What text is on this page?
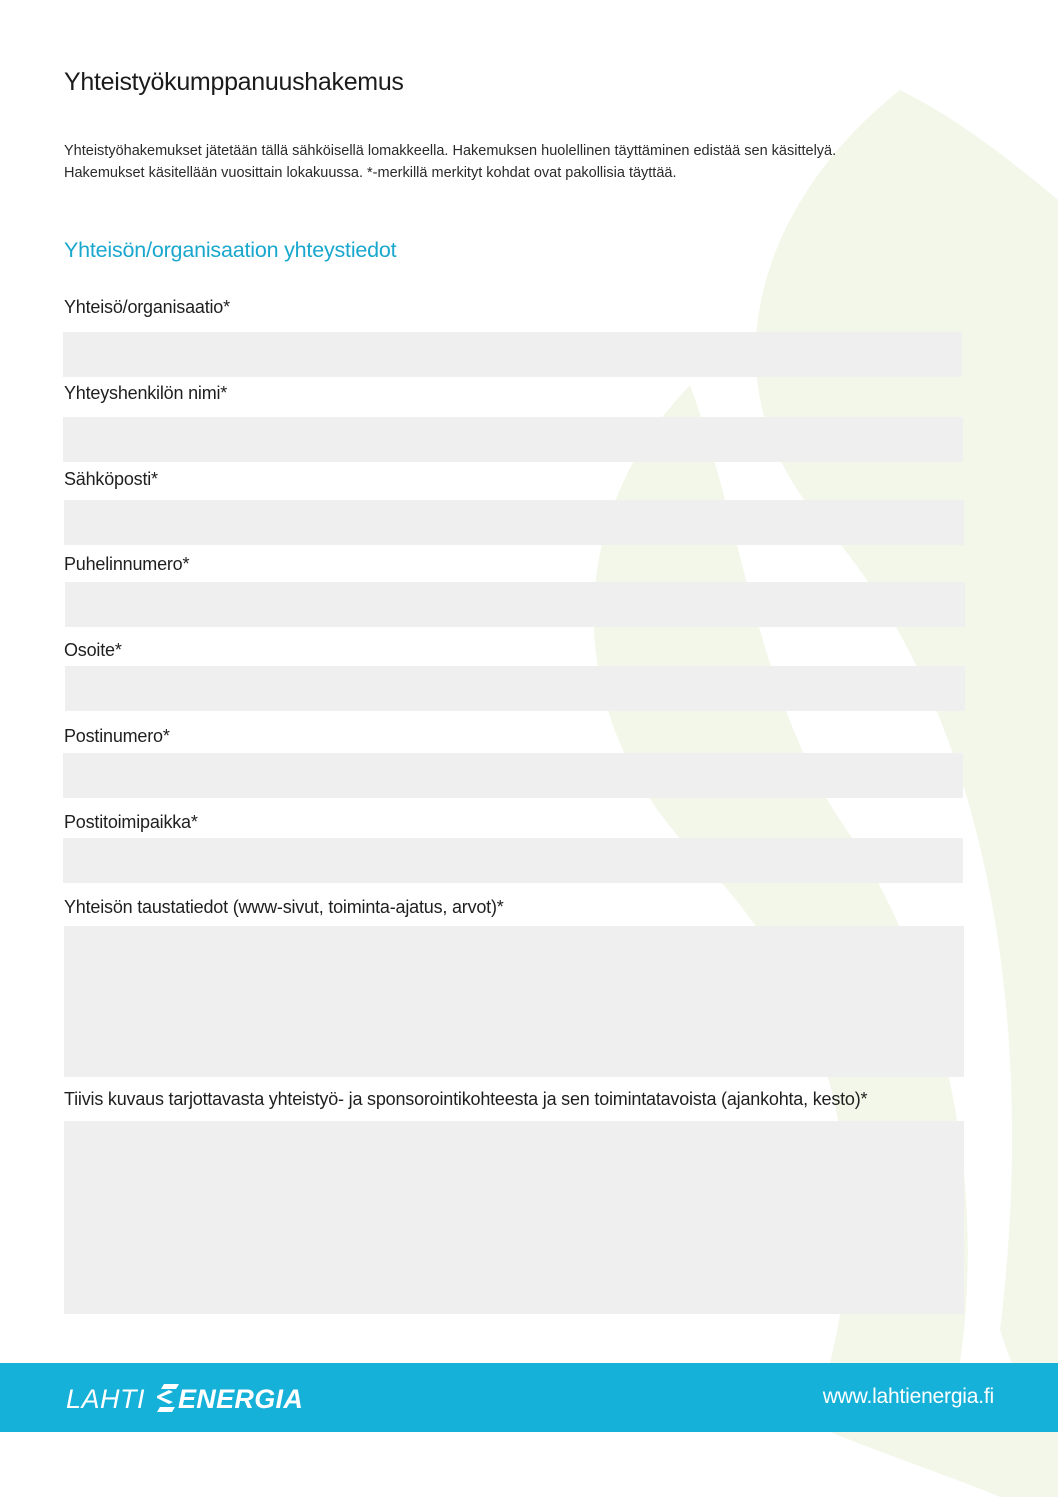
Yhteistyökumppanuushakemus

Yhteistyöhakemukset jätetään tällä sähköisellä lomakkeella. Hakemuksen huolellinen täyttäminen edistää sen käsittelyä.
Hakemukset käsitellään vuosittain lokakuussa. *-merkillä merkityt kohdat ovat pakollisia täyttää.

Yhteisön/organisaation yhteystiedot
Yhteisö/organisaatio*
Yhteyshenkilön nimi*
Sähköposti*
Puhelinnumero*
Osoite*
Postinumero*
Postitoimipaikka*
Yhteisön taustatiedot (www-sivut, toiminta-ajatus, arvot)*
Tiivis kuvaus tarjottavasta yhteistyö- ja sponsorointikohteesta ja sen toimintatavoista (ajankohta, kesto)*
LAHTI ENERGIA	www.lahtienergia.fi
